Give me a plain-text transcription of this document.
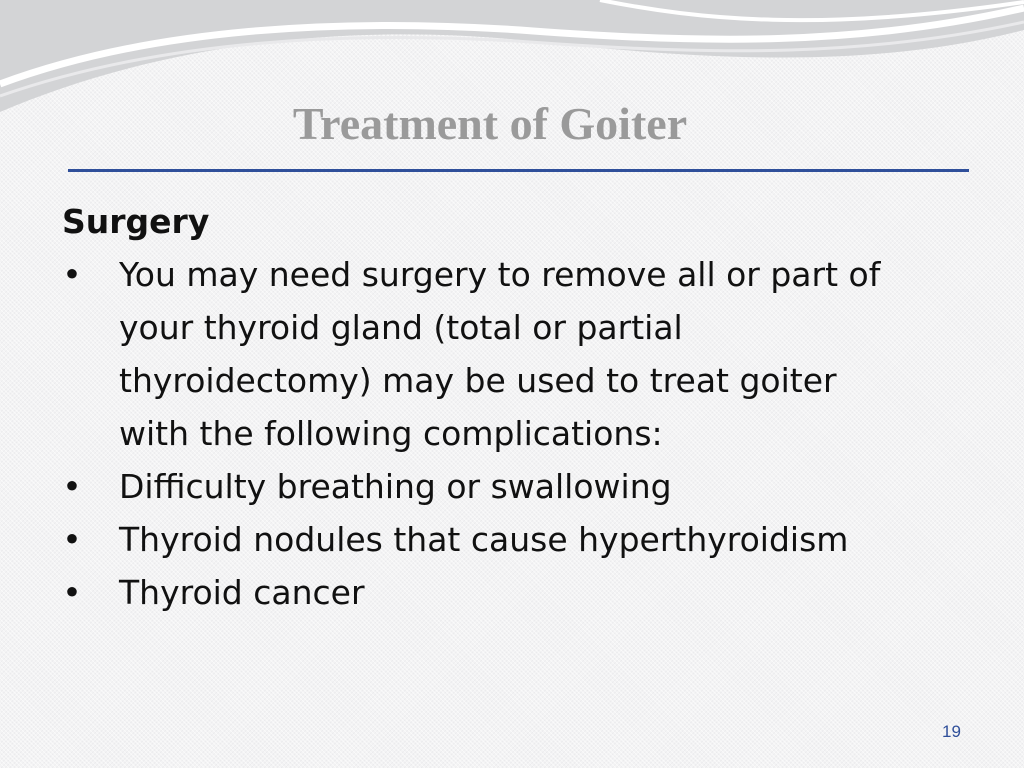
Treatment of Goiter

Surgery

• You may need surgery to remove all or part of
your thyroid gland (total or partial
thyroidectomy) may be used to treat goiter
with the following complications:
• Difficulty breathing or swallowing
• Thyroid nodules that cause hyperthyroidism
• Thyroid cancer
19
